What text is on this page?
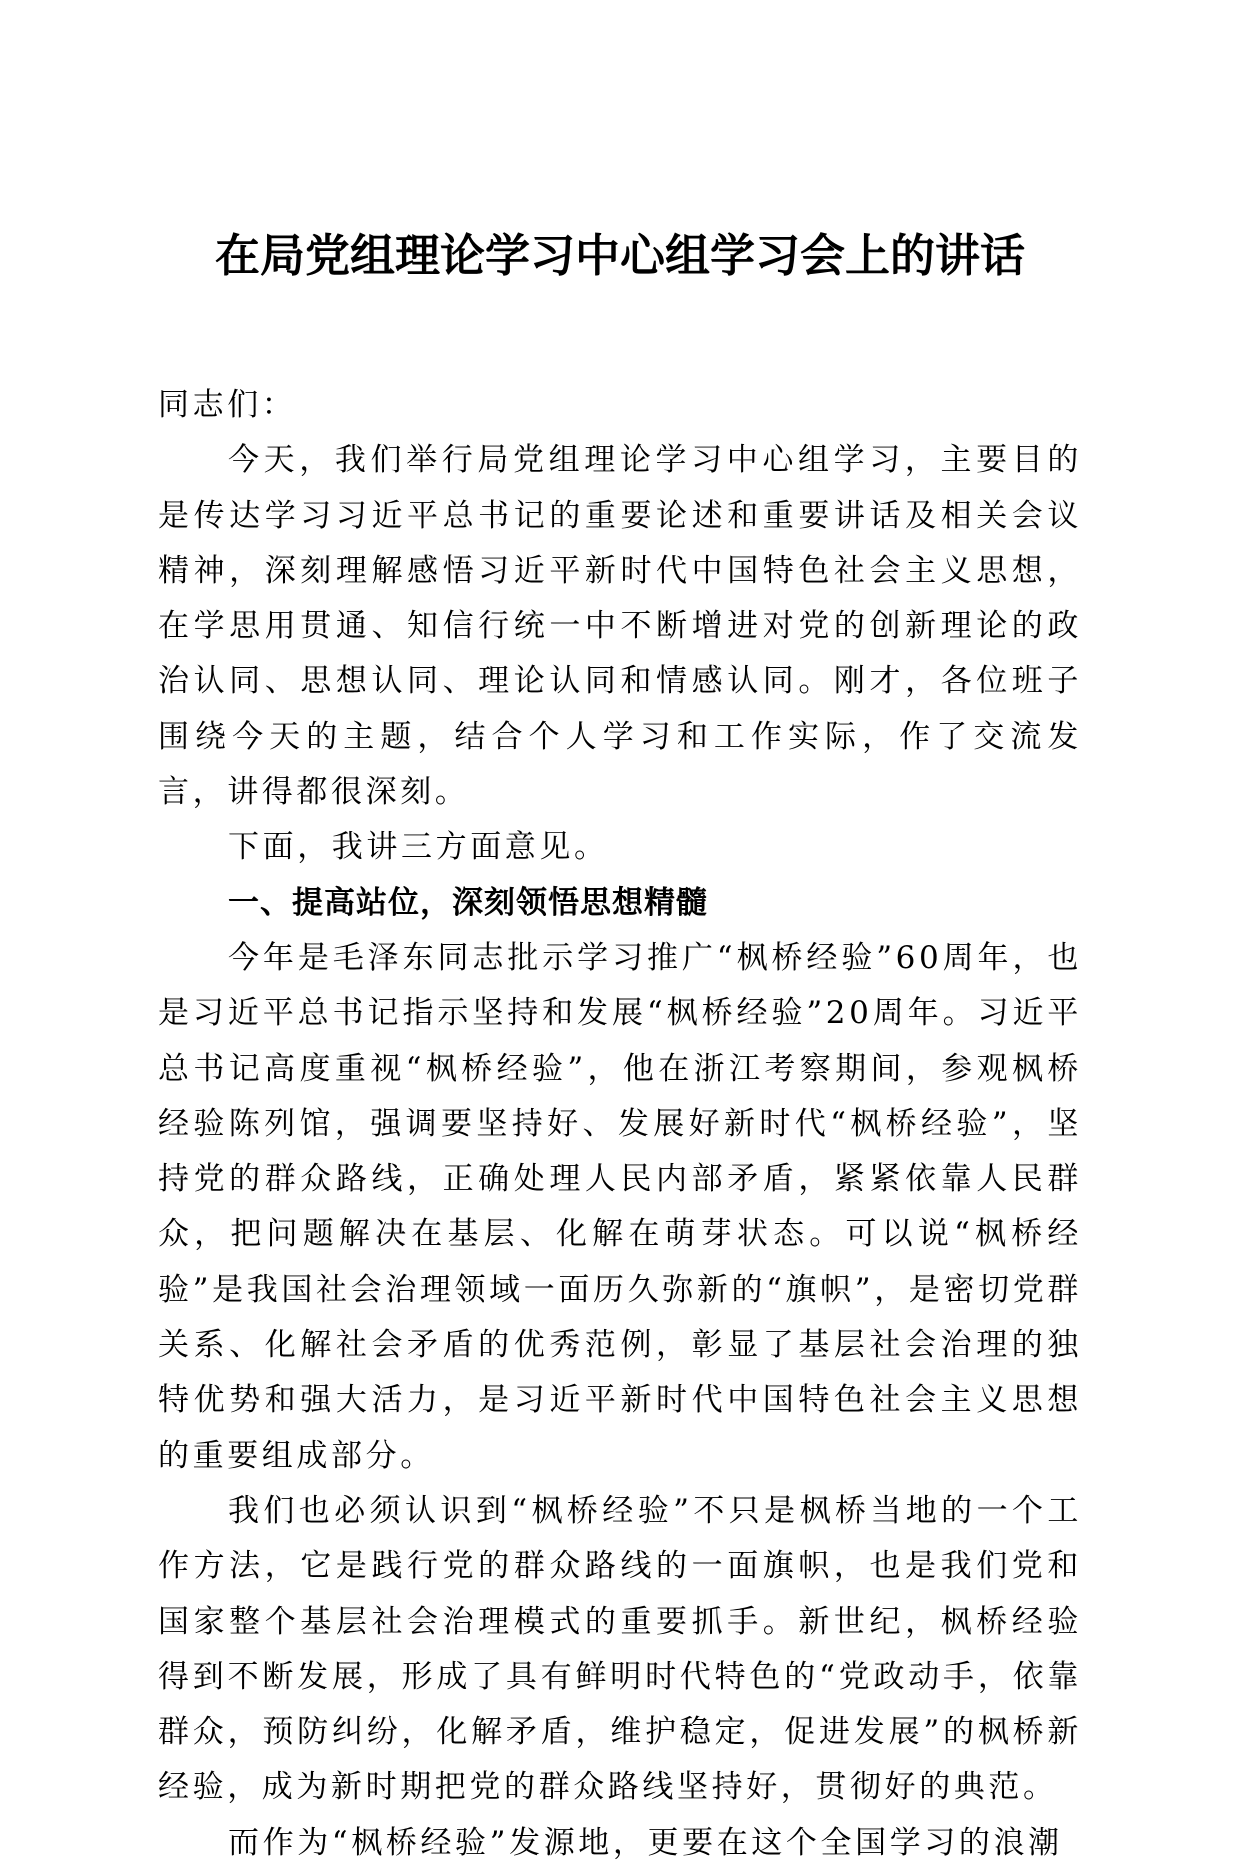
在局党组理论学习中心组学习会上的讲话

同志们：

今天，我们举行局党组理论学习中心组学习，主要目的是传达学习习近平总书记的重要论述和重要讲话及相关会议精神，深刻理解感悟习近平新时代中国特色社会主义思想，在学思用贯通、知信行统一中不断增进对党的创新理论的政治认同、思想认同、理论认同和情感认同。刚才，各位班子围绕今天的主题，结合个人学习和工作实际，作了交流发言，讲得都很深刻。

下面，我讲三方面意见。

一、提高站位，深刻领悟思想精髓

今年是毛泽东同志批示学习推广“枫桥经验”60周年，也是习近平总书记指示坚持和发展“枫桥经验”20周年。习近平总书记高度重视“枫桥经验”，他在浙江考察期间，参观枫桥经验陈列馆，强调要坚持好、发展好新时代“枫桥经验”，坚持党的群众路线，正确处理人民内部矛盾，紧紧依靠人民群众，把问题解决在基层、化解在萌芽状态。可以说“枫桥经验”是我国社会治理领域一面历久弥新的“旗帜”，是密切党群关系、化解社会矛盾的优秀范例，彰显了基层社会治理的独特优势和强大活力，是习近平新时代中国特色社会主义思想的重要组成部分。

我们也必须认识到“枫桥经验”不只是枫桥当地的一个工作方法，它是践行党的群众路线的一面旗帜，也是我们党和国家整个基层社会治理模式的重要抓手。新世纪，枫桥经验得到不断发展，形成了具有鲜明时代特色的“党政动手，依靠群众，预防纠纷，化解矛盾，维护稳定，促进发展”的枫桥新经验，成为新时期把党的群众路线坚持好，贯彻好的典范。

而作为“枫桥经验”发源地，更要在这个全国学习的浪潮
